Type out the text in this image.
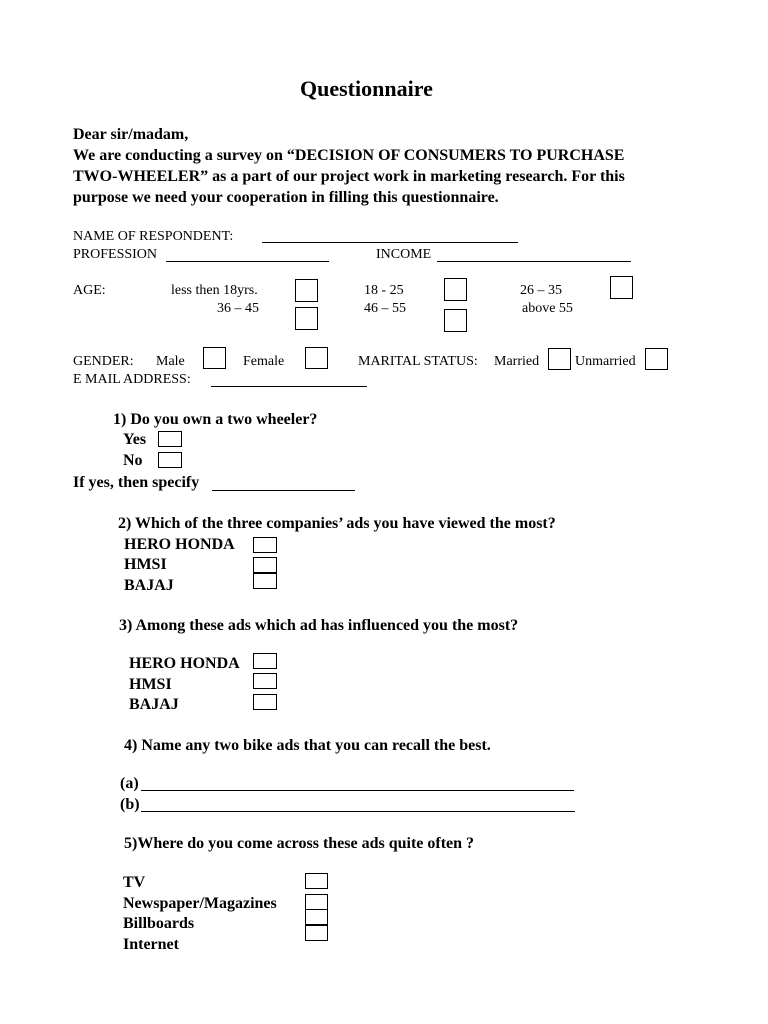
Questionnaire
Dear sir/madam,
We are conducting a survey on “DECISION OF CONSUMERS TO PURCHASE
TWO-WHEELER” as a part of our project work in marketing research. For this
purpose we need your cooperation in filling this questionnaire.
NAME OF RESPONDENT:
PROFESSION	INCOME
AGE:	less then 18yrs.	18 - 25	26 – 35
36 – 45	46 – 55	above 55
GENDER: Male	Female	MARITAL STATUS: Married	Unmarried
E MAIL ADDRESS:
1) Do you own a two wheeler?
Yes
No
If yes, then specify
2) Which of the three companies’ ads you have viewed the most?
HERO HONDA
HMSI
BAJAJ
3) Among these ads which ad has influenced you the most?
HERO HONDA
HMSI
BAJAJ
4) Name any two bike ads that you can recall the best.
(a)
(b)
5)Where do you come across these ads quite often ?
TV
Newspaper/Magazines
Billboards
Internet
